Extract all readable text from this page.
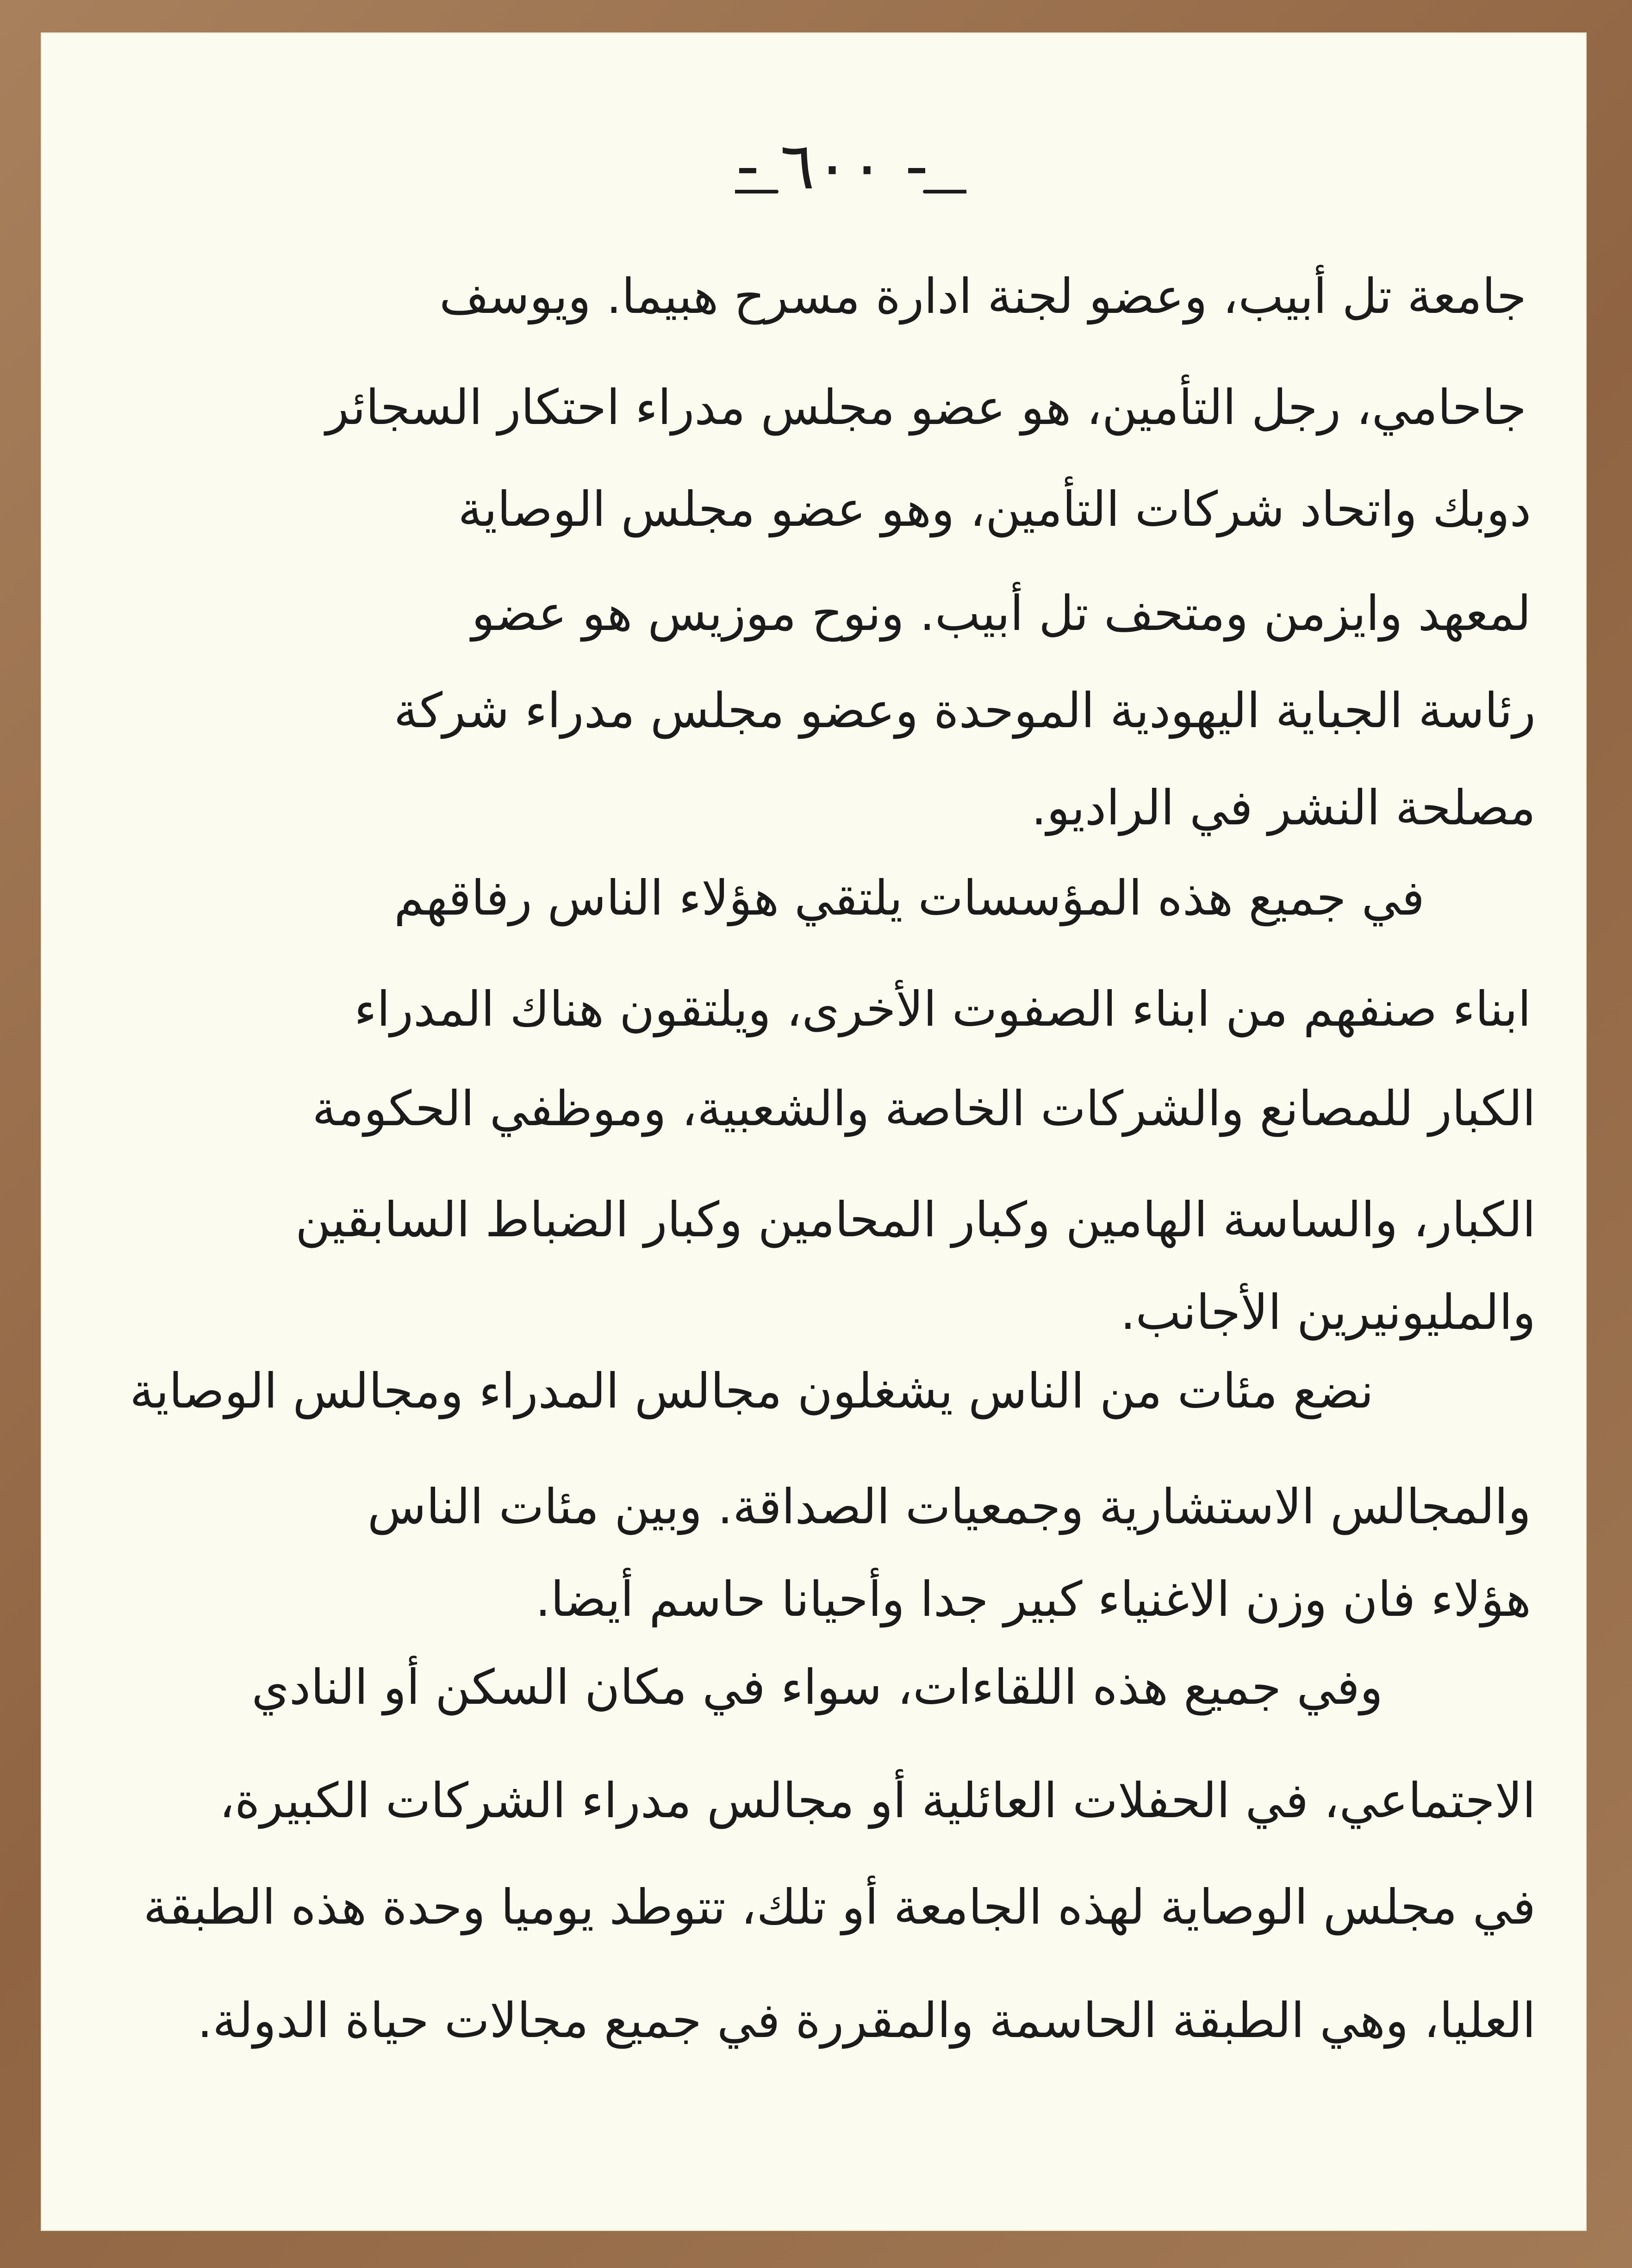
- ٦٠٠ -
جامعة تل أبيب، وعضو لجنة ادارة مسرح هبيما. ويوسف
جاحامي، رجل التأمين، هو عضو مجلس مدراء احتكار السجائر
دوبك واتحاد شركات التأمين، وهو عضو مجلس الوصاية
لمعهد وايزمن ومتحف تل أبيب. ونوح موزيس هو عضو
رئاسة الجباية اليهودية الموحدة وعضو مجلس مدراء شركة
مصلحة النشر في الراديو.
في جميع هذه المؤسسات يلتقي هؤلاء الناس رفاقهم
ابناء صنفهم من ابناء الصفوت الأخرى، ويلتقون هناك المدراء
الكبار للمصانع والشركات الخاصة والشعبية، وموظفي الحكومة
الكبار، والساسة الهامين وكبار المحامين وكبار الضباط السابقين
والمليونيرين الأجانب.
نضع مئات من الناس يشغلون مجالس المدراء ومجالس الوصاية
والمجالس الاستشارية وجمعيات الصداقة. وبين مئات الناس
هؤلاء فان وزن الاغنياء كبير جدا وأحيانا حاسم أيضا.
وفي جميع هذه اللقاءات، سواء في مكان السكن أو النادي
الاجتماعي، في الحفلات العائلية أو مجالس مدراء الشركات الكبيرة،
في مجلس الوصاية لهذه الجامعة أو تلك، تتوطد يوميا وحدة هذه الطبقة
العليا، وهي الطبقة الحاسمة والمقررة في جميع مجالات حياة الدولة.
